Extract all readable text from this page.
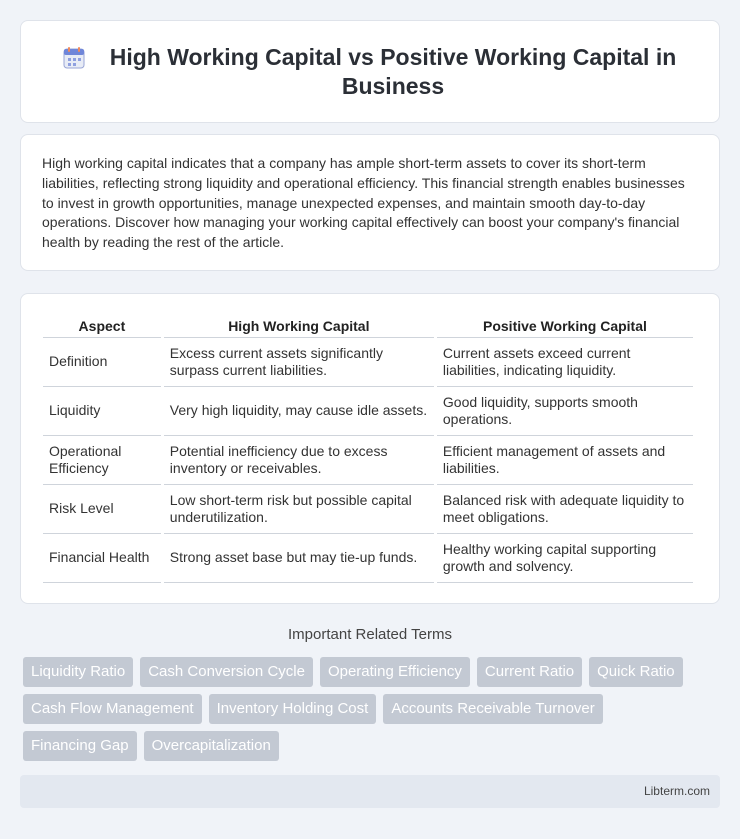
High Working Capital vs Positive Working Capital in Business

High working capital indicates that a company has ample short-term assets to cover its short-term liabilities, reflecting strong liquidity and operational efficiency. This financial strength enables businesses to invest in growth opportunities, manage unexpected expenses, and maintain smooth day-to-day operations. Discover how managing your working capital effectively can boost your company's financial health by reading the rest of the article.

Aspect	High Working Capital	Positive Working Capital
Definition	Excess current assets significantly surpass current liabilities.	Current assets exceed current liabilities, indicating liquidity.
Liquidity	Very high liquidity, may cause idle assets.	Good liquidity, supports smooth operations.
Operational Efficiency	Potential inefficiency due to excess inventory or receivables.	Efficient management of assets and liabilities.
Risk Level	Low short-term risk but possible capital underutilization.	Balanced risk with adequate liquidity to meet obligations.
Financial Health	Strong asset base but may tie-up funds.	Healthy working capital supporting growth and solvency.
Important Related Terms
Liquidity Ratio	Cash Conversion Cycle	Operating Efficiency	Current Ratio	Quick Ratio
Cash Flow Management	Inventory Holding Cost	Accounts Receivable Turnover
Financing Gap	Overcapitalization
Libterm.com
